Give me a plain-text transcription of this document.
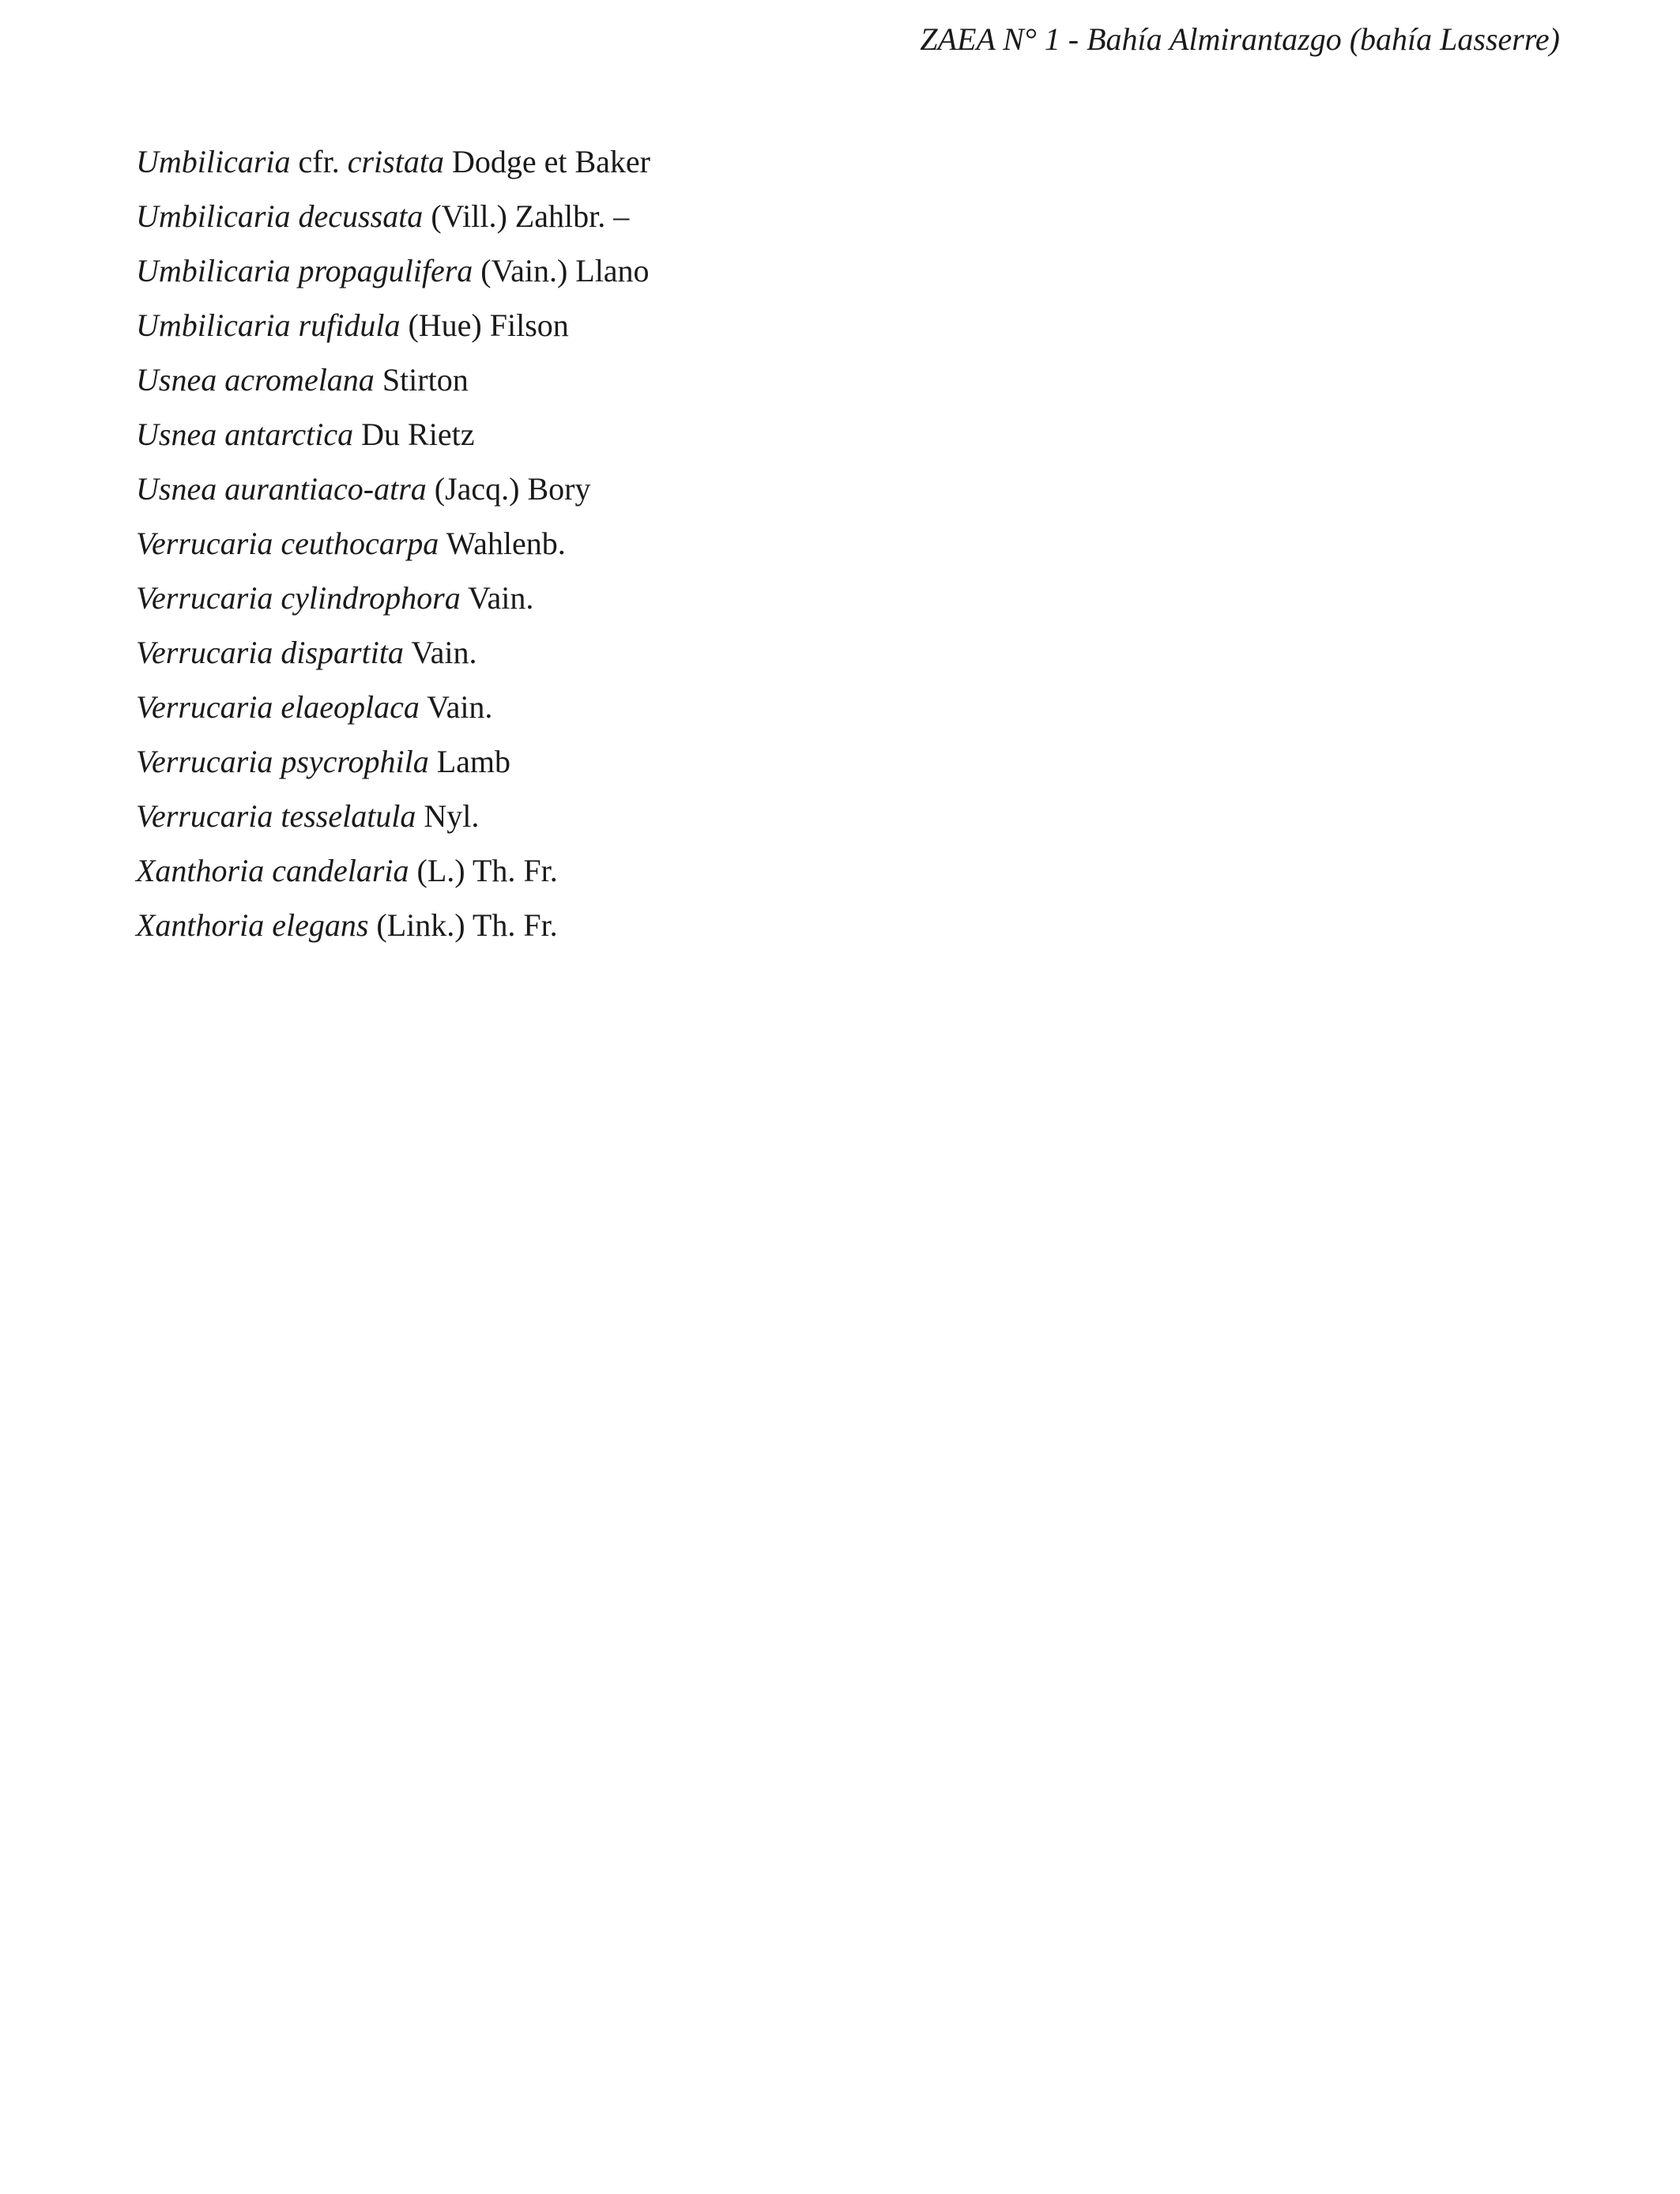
ZAEA N° 1 - Bahía Almirantazgo (bahía Lasserre)
Umbilicaria cfr. cristata Dodge et Baker
Umbilicaria decussata (Vill.) Zahlbr. –
Umbilicaria propagulifera (Vain.) Llano
Umbilicaria rufidula (Hue) Filson
Usnea acromelana Stirton
Usnea antarctica Du Rietz
Usnea aurantiaco-atra (Jacq.) Bory
Verrucaria ceuthocarpa Wahlenb.
Verrucaria cylindrophora Vain.
Verrucaria dispartita Vain.
Verrucaria elaeoplaca Vain.
Verrucaria psycrophila Lamb
Verrucaria tesselatula Nyl.
Xanthoria candelaria (L.) Th. Fr.
Xanthoria elegans (Link.) Th. Fr.
